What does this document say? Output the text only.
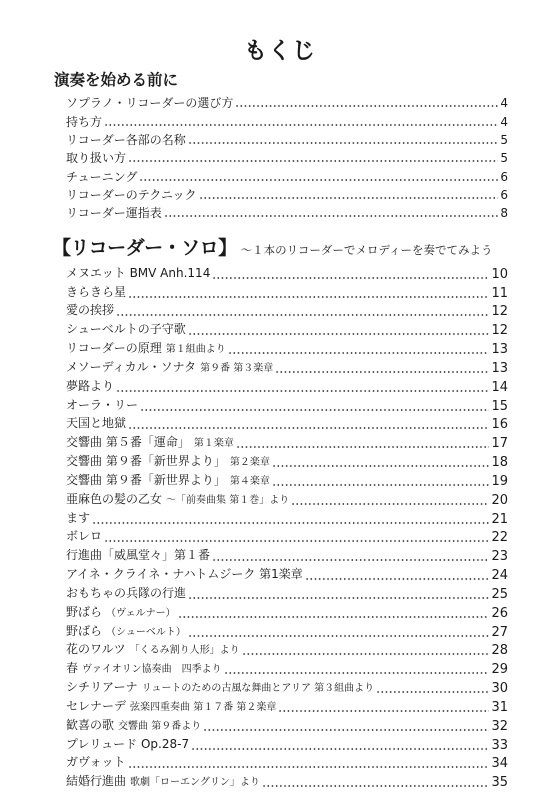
もくじ
演奏を始める前に
ソプラノ・リコーダーの選び方	4
持ち方	4
リコーダー各部の名称	5
取り扱い方	5
チューニング	6
リコーダーのテクニック	6
リコーダー運指表	8
【リコーダー・ソロ】 〜１本のリコーダーでメロディーを奏でてみよう
メヌエット BMV Anh.114	10
きらきら星	11
愛の挨拶	12
シューベルトの子守歌	12
リコーダーの原理 第１組曲より	13
メソーディカル・ソナタ 第９番 第３楽章	13
夢路より	14
オーラ・リー	15
天国と地獄	16
交響曲 第５番「運命」 第１楽章	17
交響曲 第９番「新世界より」 第２楽章	18
交響曲 第９番「新世界より」 第４楽章	19
亜麻色の髪の乙女 〜「前奏曲集 第１巻」より	20
ます	21
ボレロ	22
行進曲「威風堂々」第１番	23
アイネ・クライネ・ナハトムジーク 第1楽章	24
おもちゃの兵隊の行進	25
野ばら （ヴェルナー）	26
野ばら （シューベルト）	27
花のワルツ 「くるみ割り人形」より	28
春 ヴァイオリン協奏曲　四季より	29
シチリアーナ リュートのための古風な舞曲とアリア 第３組曲より	30
セレナーデ 弦楽四重奏曲 第１７番 第２楽章	31
歓喜の歌 交響曲 第９番より	32
プレリュード Op.28-7	33
ガヴォット	34
結婚行進曲 歌劇「ローエングリン」より	35
